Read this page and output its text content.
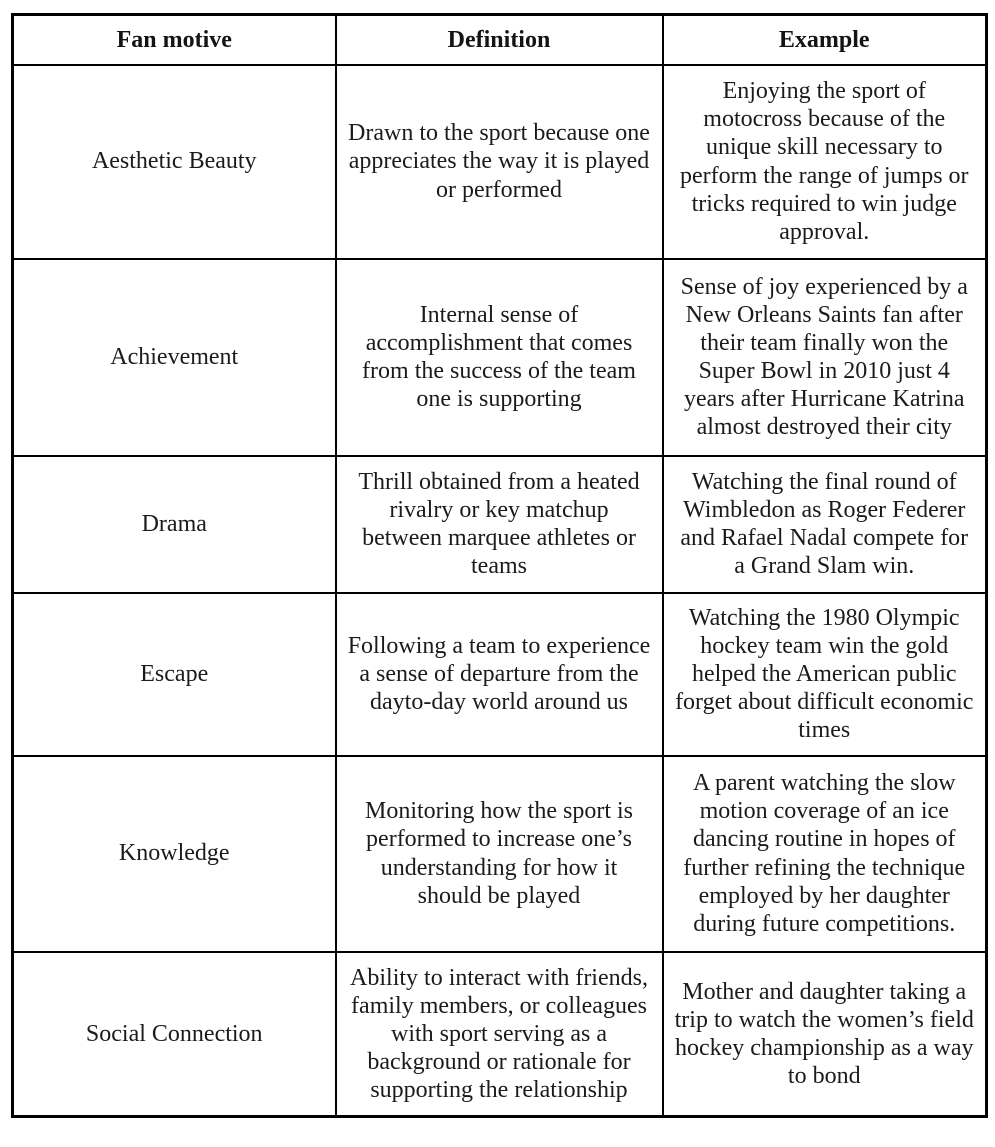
Fan motive	Definition	Example
Aesthetic Beauty	Drawn to the sport because one appreciates the way it is played or performed	Enjoying the sport of motocross because of the unique skill necessary to perform the range of jumps or tricks required to win judge approval.
Achievement	Internal sense of accomplishment that comes from the success of the team one is supporting	Sense of joy experienced by a New Orleans Saints fan after their team finally won the Super Bowl in 2010 just 4 years after Hurricane Katrina almost destroyed their city
Drama	Thrill obtained from a heated rivalry or key matchup between marquee athletes or teams	Watching the final round of Wimbledon as Roger Federer and Rafael Nadal compete for a Grand Slam win.
Escape	Following a team to experience a sense of departure from the dayto-day world around us	Watching the 1980 Olympic hockey team win the gold helped the American public forget about difficult economic times
Knowledge	Monitoring how the sport is performed to increase one’s understanding for how it should be played	A parent watching the slow motion coverage of an ice dancing routine in hopes of further refining the technique employed by her daughter during future competitions.
Social Connection	Ability to interact with friends, family members, or colleagues with sport serving as a background or rationale for supporting the relationship	Mother and daughter taking a trip to watch the women’s field hockey championship as a way to bond
